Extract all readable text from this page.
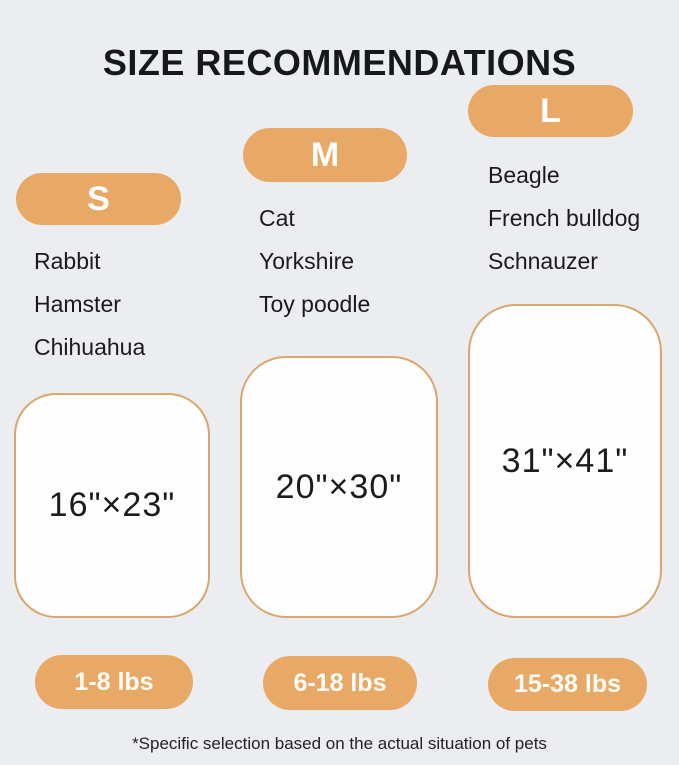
SIZE RECOMMENDATIONS
S
Rabbit
Hamster
Chihuahua
16"×23"
1-8 lbs
M
Cat
Yorkshire
Toy poodle
20"×30"
6-18 lbs
L
Beagle
French bulldog
Schnauzer
31"×41"
15-38 lbs
*Specific selection based on the actual situation of pets
